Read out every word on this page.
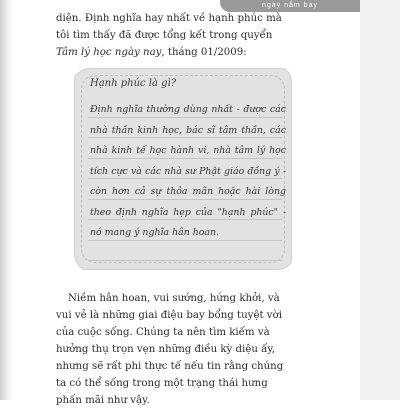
ngày nắm bay

diện. Định nghĩa hay nhất về hạnh phúc mà tôi tìm thấy đã được tổng kết trong quyển Tâm lý học ngày nay, tháng 01/2009:

Hạnh phúc là gì?

Định nghĩa thường dùng nhất - được các nhà thần kinh học, bác sĩ tâm thần, các nhà kinh tế học hành vi, nhà tâm lý học tích cực và các nhà sư Phật giáo đồng ý - còn hơn cả sự thỏa mãn hoặc hài lòng theo định nghĩa hẹp của "hạnh phúc" - nó mang ý nghĩa hân hoan.

Niềm hân hoan, vui sướng, hứng khởi, và vui vẻ là những giai điệu bay bổng tuyệt vời của cuộc sống. Chúng ta nên tìm kiếm và hưởng thụ trọn vẹn những điều kỳ diệu ấy, nhưng sẽ rất phi thực tế nếu tin rằng chúng ta có thể sống trong một trạng thái hưng phấn mãi như vậy.
